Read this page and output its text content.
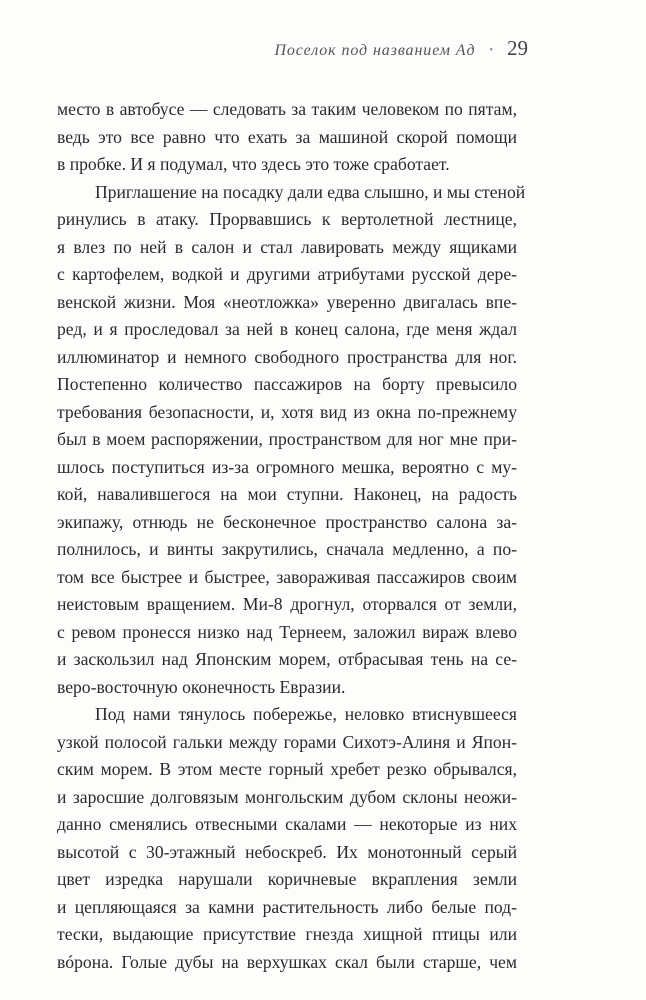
Поселок под названием Ад • 29
место в автобусе — следовать за таким человеком по пятам,
ведь это все равно что ехать за машиной скорой помощи
в пробке. И я подумал, что здесь это тоже сработает.
Приглашение на посадку дали едва слышно, и мы стеной
ринулись в атаку. Прорвавшись к вертолетной лестнице,
я влез по ней в салон и стал лавировать между ящиками
с картофелем, водкой и другими атрибутами русской дере-
венской жизни. Моя «неотложка» уверенно двигалась впе-
ред, и я проследовал за ней в конец салона, где меня ждал
иллюминатор и немного свободного пространства для ног.
Постепенно количество пассажиров на борту превысило
требования безопасности, и, хотя вид из окна по-прежнему
был в моем распоряжении, пространством для ног мне при-
шлось поступиться из-за огромного мешка, вероятно с му-
кой, навалившегося на мои ступни. Наконец, на радость
экипажу, отнюдь не бесконечное пространство салона за-
полнилось, и винты закрутились, сначала медленно, а по-
том все быстрее и быстрее, завораживая пассажиров своим
неистовым вращением. Ми-8 дрогнул, оторвался от земли,
с ревом пронесся низко над Тернеем, заложил вираж влево
и заскользил над Японским морем, отбрасывая тень на се-
веро-восточную оконечность Евразии.
Под нами тянулось побережье, неловко втиснувшееся
узкой полосой гальки между горами Сихотэ-Алиня и Япон-
ским морем. В этом месте горный хребет резко обрывался,
и заросшие долговязым монгольским дубом склоны неожи-
данно сменялись отвесными скалами — некоторые из них
высотой с 30-этажный небоскреб. Их монотонный серый
цвет изредка нарушали коричневые вкрапления земли
и цепляющаяся за камни растительность либо белые под-
тески, выдающие присутствие гнезда хищной птицы или
вóрона. Голые дубы на верхушках скал были старше, чем
